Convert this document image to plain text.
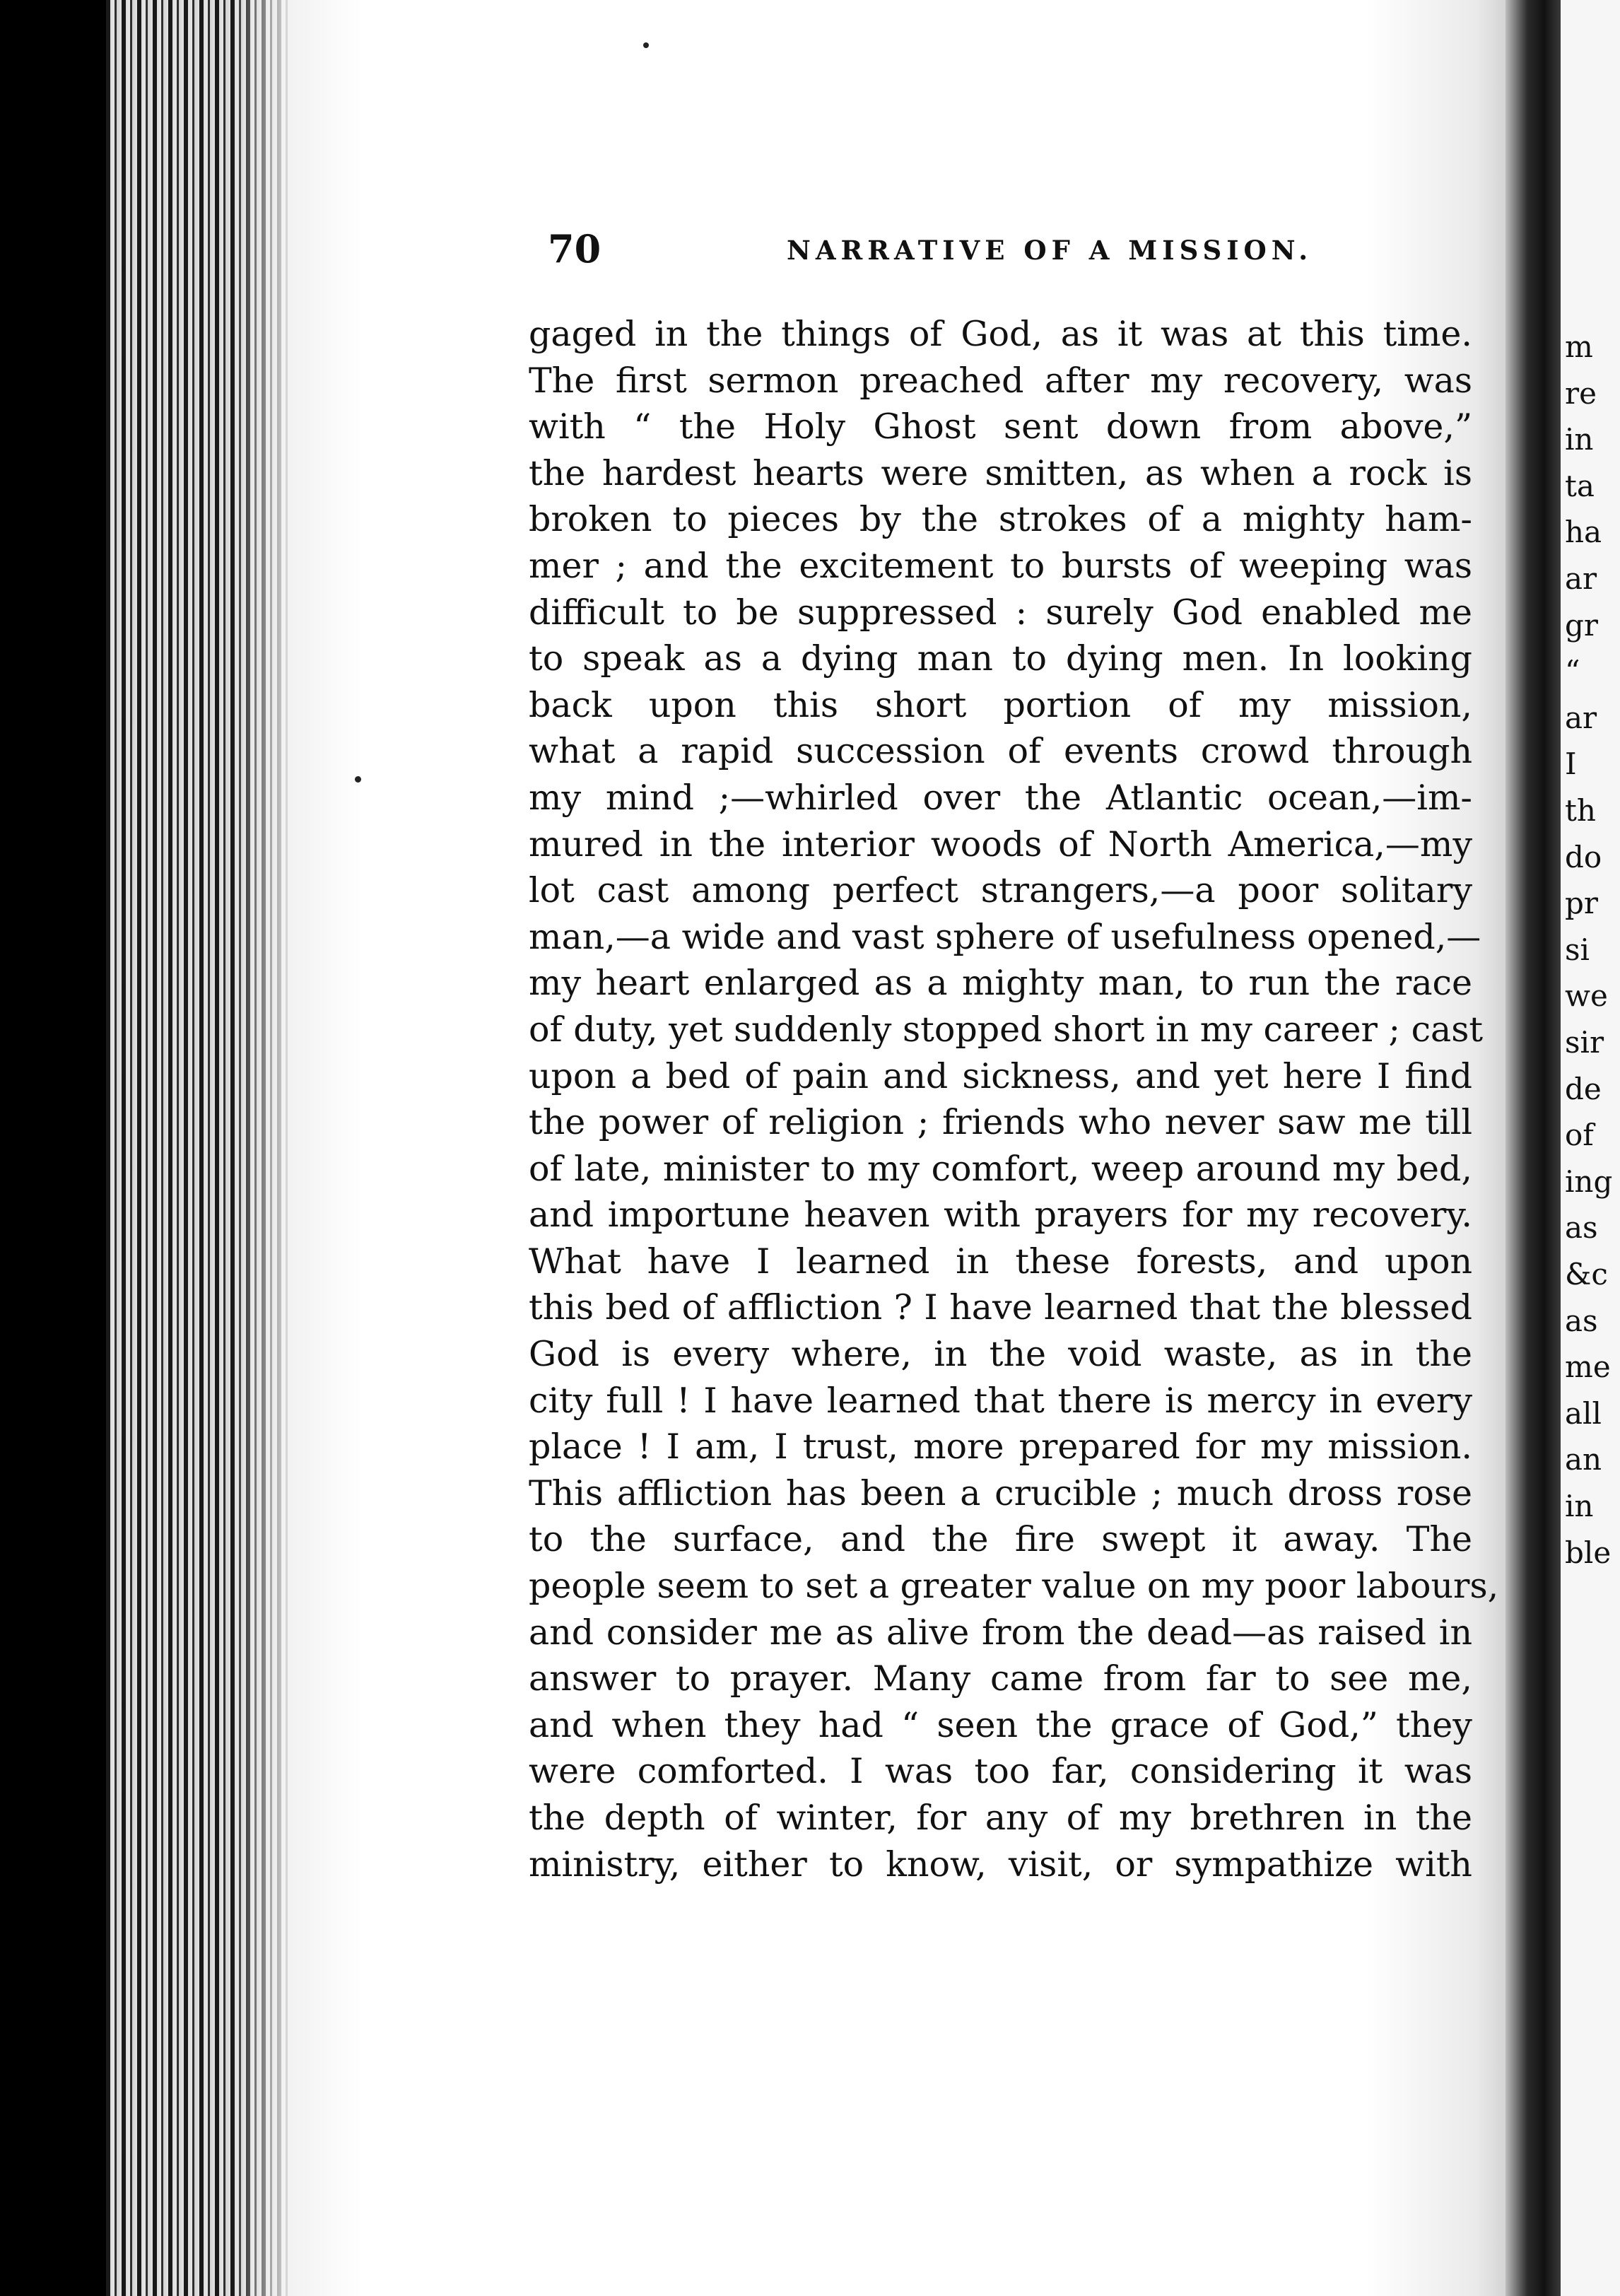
70	NARRATIVE OF A MISSION.
gaged in the things of God, as it was at this time.
The first sermon preached after my recovery, was
with “ the Holy Ghost sent down from above,”
the hardest hearts were smitten, as when a rock is
broken to pieces by the strokes of a mighty ham-
mer ; and the excitement to bursts of weeping was
difficult to be suppressed : surely God enabled me
to speak as a dying man to dying men. In looking
back upon this short portion of my mission,
what a rapid succession of events crowd through
my mind ;—whirled over the Atlantic ocean,—im-
mured in the interior woods of North America,—my
lot cast among perfect strangers,—a poor solitary
man,—a wide and vast sphere of usefulness opened,—
my heart enlarged as a mighty man, to run the race
of duty, yet suddenly stopped short in my career ; cast
upon a bed of pain and sickness, and yet here I find
the power of religion ; friends who never saw me till
of late, minister to my comfort, weep around my bed,
and importune heaven with prayers for my recovery.
What have I learned in these forests, and upon
this bed of affliction ? I have learned that the blessed
God is every where, in the void waste, as in the
city full ! I have learned that there is mercy in every
place ! I am, I trust, more prepared for my mission.
This affliction has been a crucible ; much dross rose
to the surface, and the fire swept it away. The
people seem to set a greater value on my poor labours,
and consider me as alive from the dead—as raised in
answer to prayer. Many came from far to see me,
and when they had “ seen the grace of God,” they
were comforted. I was too far, considering it was
the depth of winter, for any of my brethren in the
ministry, either to know, visit, or sympathize with
m
re
in
ta
ha
ar
gr
“
ar
I
th
do
pr
si
we
sir
de
of
ing
as
&c
as
me
all
an
in
ble
